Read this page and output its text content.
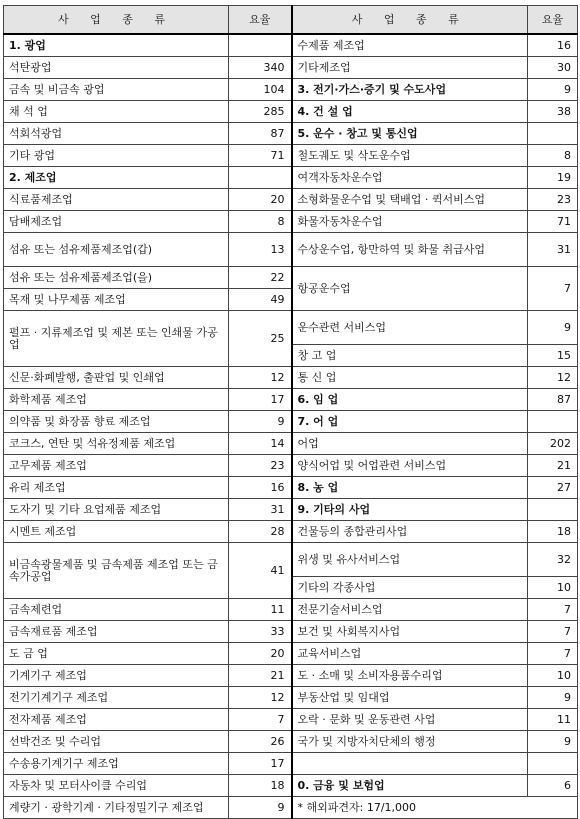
사 업 종 류	요율	사 업 종 류	요율
1. 광업		수제품 제조업	16
석탄광업	340	기타제조업	30
금속 및 비금속 광업	104	3. 전기·가스·증기 및 수도사업	9
채 석 업	285	4. 건 설 업	38
석회석광업	87	5. 운수 · 창고 및 통신업	
기타 광업	71	철도궤도 및 삭도운수업	8
2. 제조업		여객자동차운수업	19
식료품제조업	20	소형화물운수업 및 택배업 · 퀵서비스업	23
담배제조업	8	화물자동차운수업	71
섬유 또는 섬유제품제조업(갑)	13	수상운수업, 항만하역 및 화물 취급사업	31
섬유 또는 섬유제품제조업(을)	22	항공운수업	7
목재 및 나무제품 제조업	49		
펄프 · 지류제조업 및 제본 또는 인쇄물 가공업	25	운수관련 서비스업	9
		창 고 업	15
신문·화폐발행, 출판업 및 인쇄업	12	통 신 업	12
화학제품 제조업	17	6. 임 업	87
의약품 및 화장품 향료 제조업	9	7. 어 업	
코크스, 연탄 및 석유정제품 제조업	14	어업	202
고무제품 제조업	23	양식어업 및 어업관련 서비스업	21
유리 제조업	16	8. 농 업	27
도자기 및 기타 요업제품 제조업	31	9. 기타의 사업	
시멘트 제조업	28	건물등의 종합관리사업	18
비금속광물제품 및 금속제품 제조업 또는 금속가공업	41	위생 및 유사서비스업	32
		기타의 각종사업	10
금속제련업	11	전문기술서비스업	7
금속재료품 제조업	33	보건 및 사회복지사업	7
도 금 업	20	교육서비스업	7
기계기구 제조업	21	도 · 소매 및 소비자용품수리업	10
전기기계기구 제조업	12	부동산업 및 임대업	9
전자제품 제조업	7	오락 · 문화 및 운동관련 사업	11
선박건조 및 수리업	26	국가 및 지방자치단체의 행정	9
수송용기계기구 제조업	17		
자동차 및 모터사이클 수리업	18	0. 금융 및 보험업	6
계량기 · 광학기계 · 기타정밀기구 제조업	9	* 해외파견자: 17/1,000	
